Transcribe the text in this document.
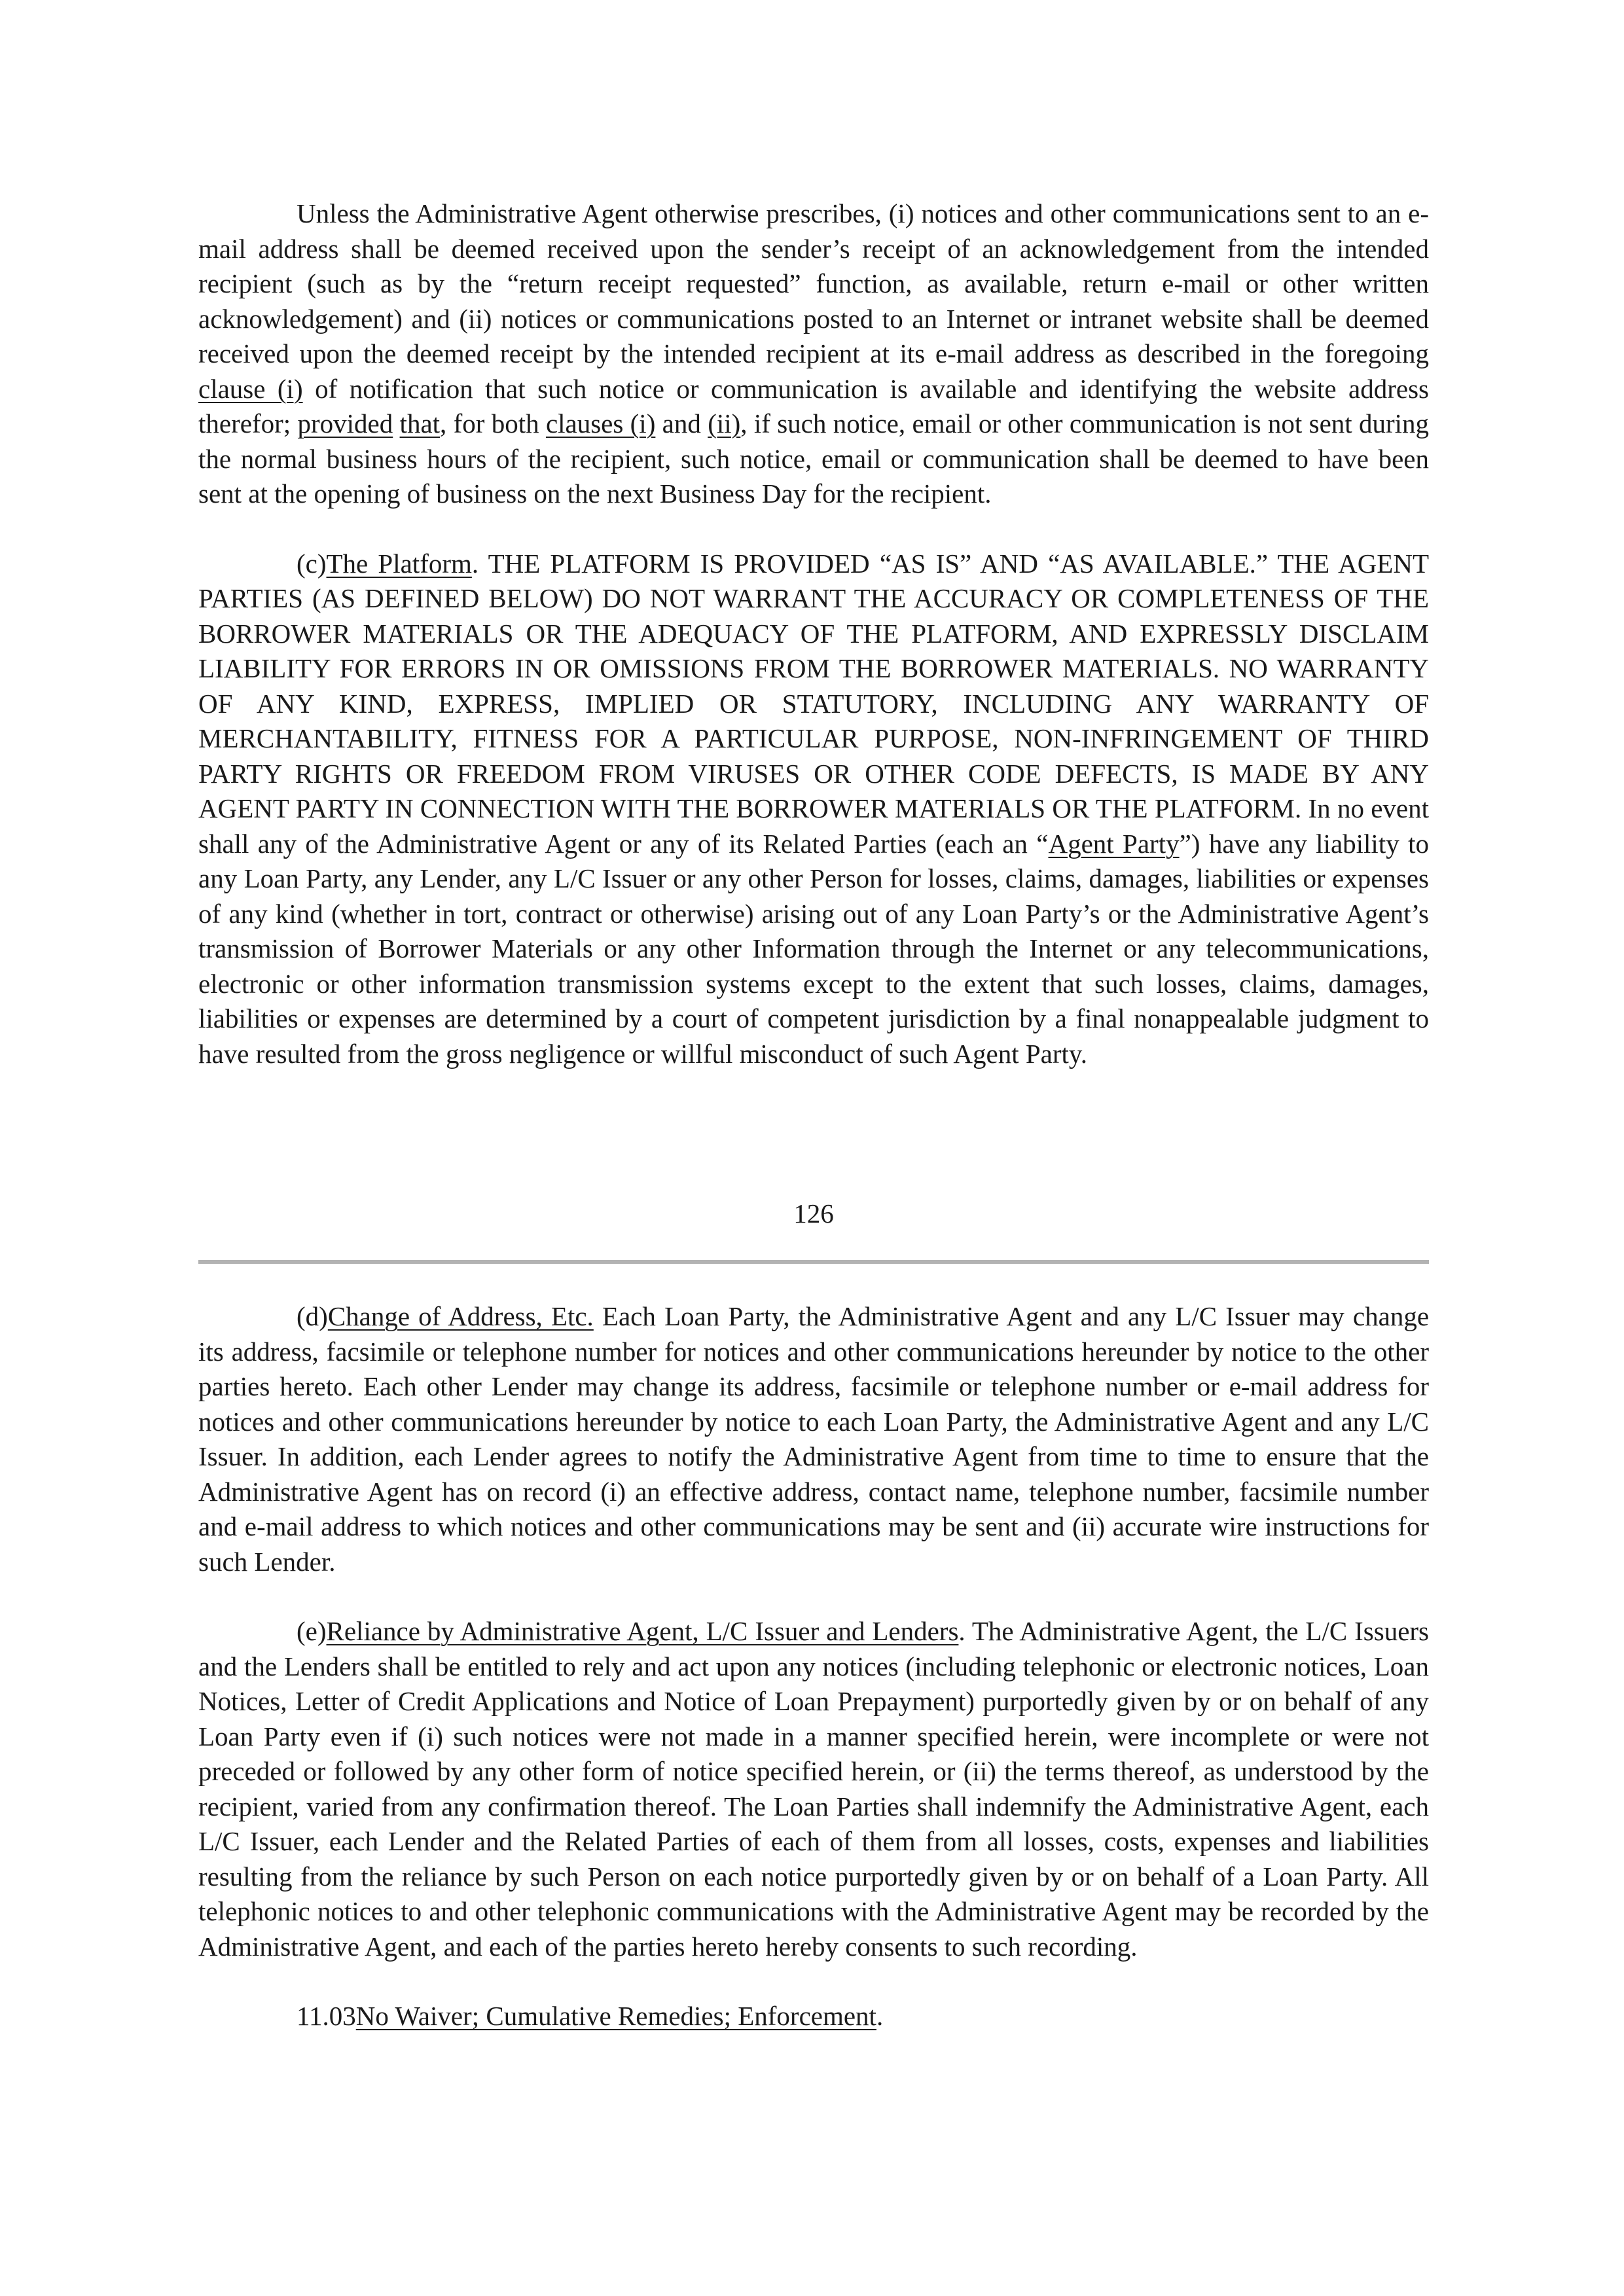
Unless the Administrative Agent otherwise prescribes, (i) notices and other communications sent to an e-mail address shall be deemed received upon the sender’s receipt of an acknowledgement from the intended recipient (such as by the “return receipt requested” function, as available, return e-mail or other written acknowledgement) and (ii) notices or communications posted to an Internet or intranet website shall be deemed received upon the deemed receipt by the intended recipient at its e-mail address as described in the foregoing clause (i) of notification that such notice or communication is available and identifying the website address therefor; provided that, for both clauses (i) and (ii), if such notice, email or other communication is not sent during the normal business hours of the recipient, such notice, email or communication shall be deemed to have been sent at the opening of business on the next Business Day for the recipient.

(c)The Platform. THE PLATFORM IS PROVIDED “AS IS” AND “AS AVAILABLE.” THE AGENT PARTIES (AS DEFINED BELOW) DO NOT WARRANT THE ACCURACY OR COMPLETENESS OF THE BORROWER MATERIALS OR THE ADEQUACY OF THE PLATFORM, AND EXPRESSLY DISCLAIM LIABILITY FOR ERRORS IN OR OMISSIONS FROM THE BORROWER MATERIALS. NO WARRANTY OF ANY KIND, EXPRESS, IMPLIED OR STATUTORY, INCLUDING ANY WARRANTY OF MERCHANTABILITY, FITNESS FOR A PARTICULAR PURPOSE, NON-INFRINGEMENT OF THIRD PARTY RIGHTS OR FREEDOM FROM VIRUSES OR OTHER CODE DEFECTS, IS MADE BY ANY AGENT PARTY IN CONNECTION WITH THE BORROWER MATERIALS OR THE PLATFORM. In no event shall any of the Administrative Agent or any of its Related Parties (each an “Agent Party”) have any liability to any Loan Party, any Lender, any L/C Issuer or any other Person for losses, claims, damages, liabilities or expenses of any kind (whether in tort, contract or otherwise) arising out of any Loan Party’s or the Administrative Agent’s transmission of Borrower Materials or any other Information through the Internet or any telecommunications, electronic or other information transmission systems except to the extent that such losses, claims, damages, liabilities or expenses are determined by a court of competent jurisdiction by a final nonappealable judgment to have resulted from the gross negligence or willful misconduct of such Agent Party.

126

(d)Change of Address, Etc. Each Loan Party, the Administrative Agent and any L/C Issuer may change its address, facsimile or telephone number for notices and other communications hereunder by notice to the other parties hereto. Each other Lender may change its address, facsimile or telephone number or e-mail address for notices and other communications hereunder by notice to each Loan Party, the Administrative Agent and any L/C Issuer. In addition, each Lender agrees to notify the Administrative Agent from time to time to ensure that the Administrative Agent has on record (i) an effective address, contact name, telephone number, facsimile number and e-mail address to which notices and other communications may be sent and (ii) accurate wire instructions for such Lender.

(e)Reliance by Administrative Agent, L/C Issuer and Lenders. The Administrative Agent, the L/C Issuers and the Lenders shall be entitled to rely and act upon any notices (including telephonic or electronic notices, Loan Notices, Letter of Credit Applications and Notice of Loan Prepayment) purportedly given by or on behalf of any Loan Party even if (i) such notices were not made in a manner specified herein, were incomplete or were not preceded or followed by any other form of notice specified herein, or (ii) the terms thereof, as understood by the recipient, varied from any confirmation thereof. The Loan Parties shall indemnify the Administrative Agent, each L/C Issuer, each Lender and the Related Parties of each of them from all losses, costs, expenses and liabilities resulting from the reliance by such Person on each notice purportedly given by or on behalf of a Loan Party. All telephonic notices to and other telephonic communications with the Administrative Agent may be recorded by the Administrative Agent, and each of the parties hereto hereby consents to such recording.

11.03No Waiver; Cumulative Remedies; Enforcement.
